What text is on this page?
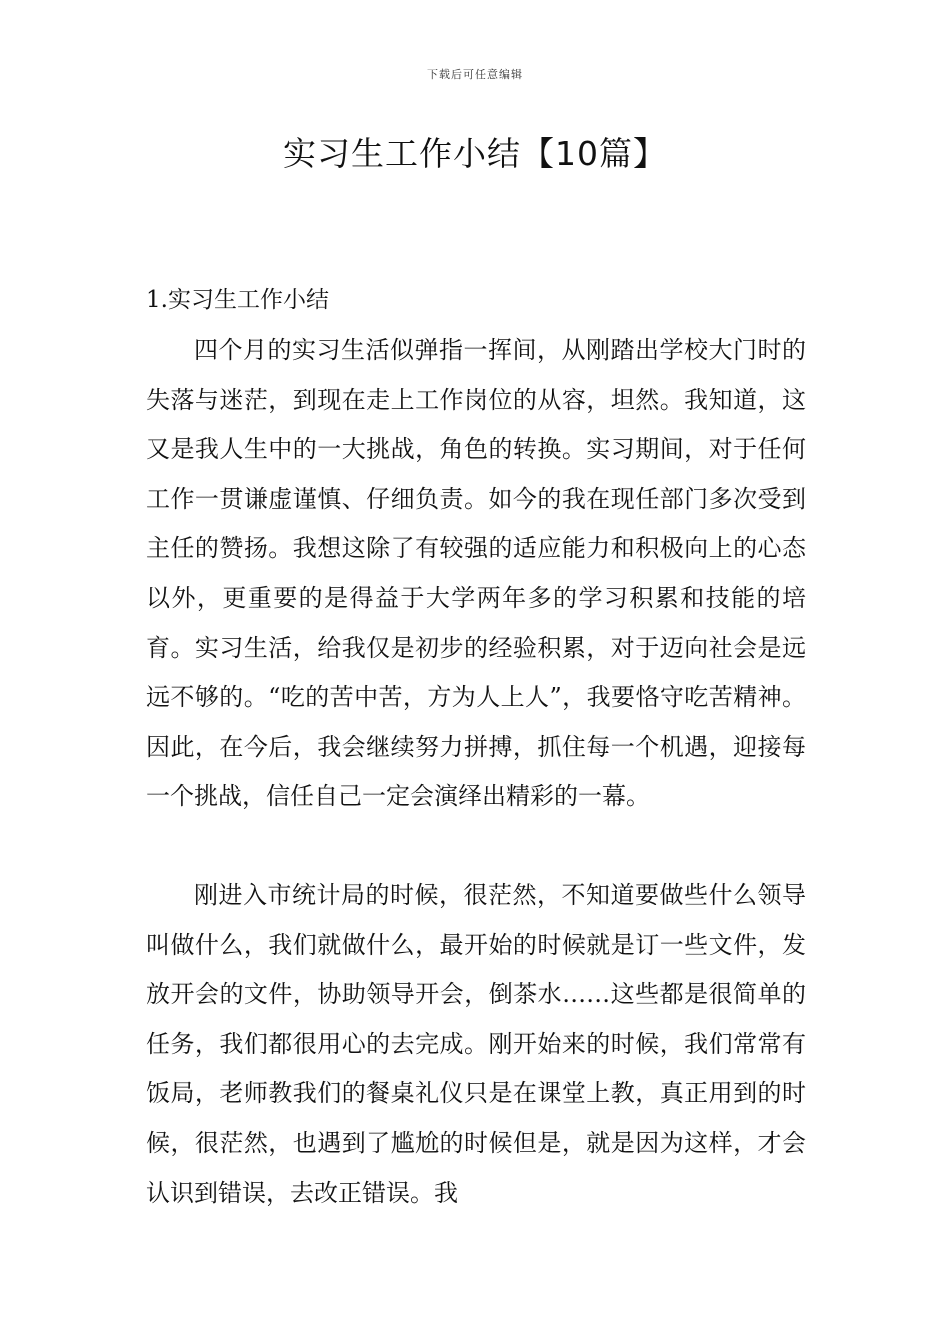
下载后可任意编辑
实习生工作小结【10篇】
1.实习生工作小结

四个月的实习生活似弹指一挥间，从刚踏出学校大门时的失落与迷茫，到现在走上工作岗位的从容，坦然。我知道，这又是我人生中的一大挑战，角色的转换。实习期间，对于任何工作一贯谦虚谨慎、仔细负责。如今的我在现任部门多次受到主任的赞扬。我想这除了有较强的适应能力和积极向上的心态以外，更重要的是得益于大学两年多的学习积累和技能的培育。实习生活，给我仅是初步的经验积累，对于迈向社会是远远不够的。“吃的苦中苦，方为人上人”，我要恪守吃苦精神。因此，在今后，我会继续努力拼搏，抓住每一个机遇，迎接每一个挑战，信任自己一定会演绎出精彩的一幕。

刚进入市统计局的时候，很茫然，不知道要做些什么领导叫做什么，我们就做什么，最开始的时候就是订一些文件，发放开会的文件，协助领导开会，倒茶水……这些都是很简单的任务，我们都很用心的去完成。刚开始来的时候，我们常常有饭局，老师教我们的餐桌礼仪只是在课堂上教，真正用到的时候，很茫然，也遇到了尴尬的时候但是，就是因为这样，才会认识到错误，去改正错误。我
